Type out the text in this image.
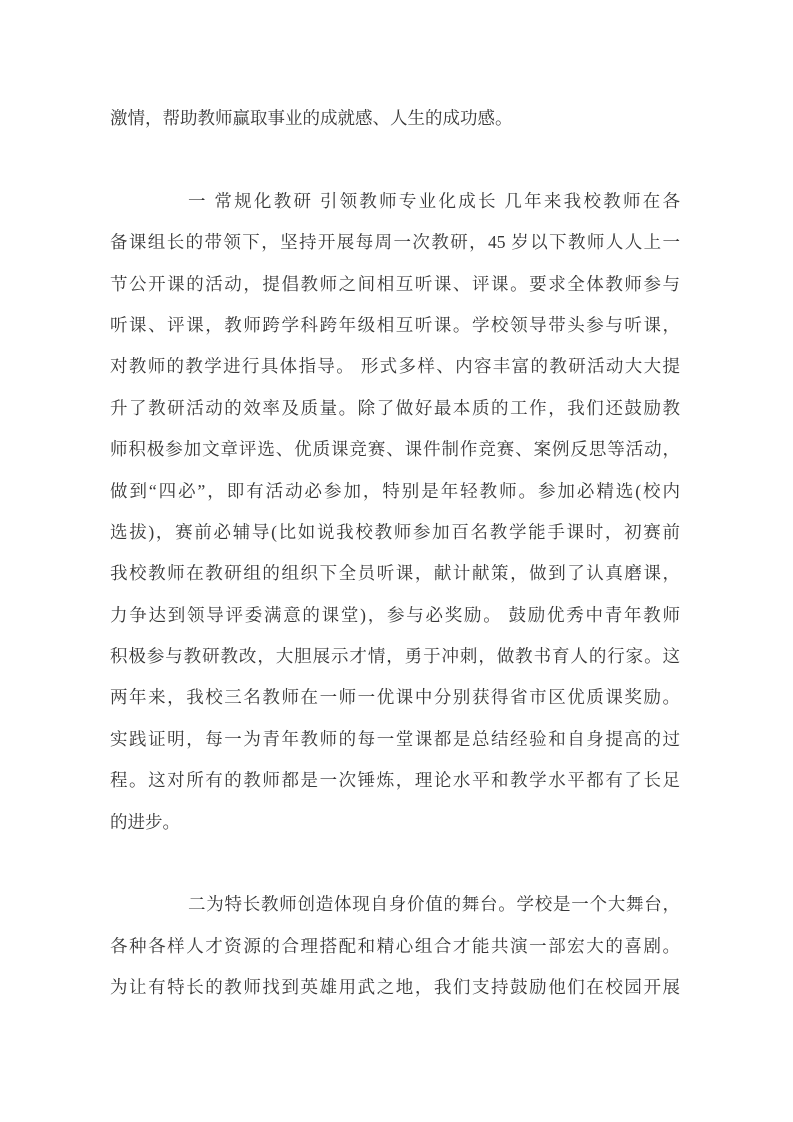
激情，帮助教师赢取事业的成就感、人生的成功感。
一 常规化教研 引领教师专业化成长 几年来我校教师在各
备课组长的带领下，坚持开展每周一次教研，45 岁以下教师人人上一
节公开课的活动，提倡教师之间相互听课、评课。要求全体教师参与
听课、评课，教师跨学科跨年级相互听课。学校领导带头参与听课，
对教师的教学进行具体指导。 形式多样、内容丰富的教研活动大大提
升了教研活动的效率及质量。除了做好最本质的工作，我们还鼓励教
师积极参加文章评选、优质课竞赛、课件制作竞赛、案例反思等活动，
做到“四必”，即有活动必参加，特别是年轻教师。参加必精选(校内
选拔)，赛前必辅导(比如说我校教师参加百名教学能手课时，初赛前
我校教师在教研组的组织下全员听课，献计献策，做到了认真磨课，
力争达到领导评委满意的课堂)，参与必奖励。 鼓励优秀中青年教师
积极参与教研教改，大胆展示才情，勇于冲刺，做教书育人的行家。这
两年来，我校三名教师在一师一优课中分别获得省市区优质课奖励。
实践证明，每一为青年教师的每一堂课都是总结经验和自身提高的过
程。这对所有的教师都是一次锤炼，理论水平和教学水平都有了长足
的进步。
二为特长教师创造体现自身价值的舞台。学校是一个大舞台，
各种各样人才资源的合理搭配和精心组合才能共演一部宏大的喜剧。
为让有特长的教师找到英雄用武之地，我们支持鼓励他们在校园开展
